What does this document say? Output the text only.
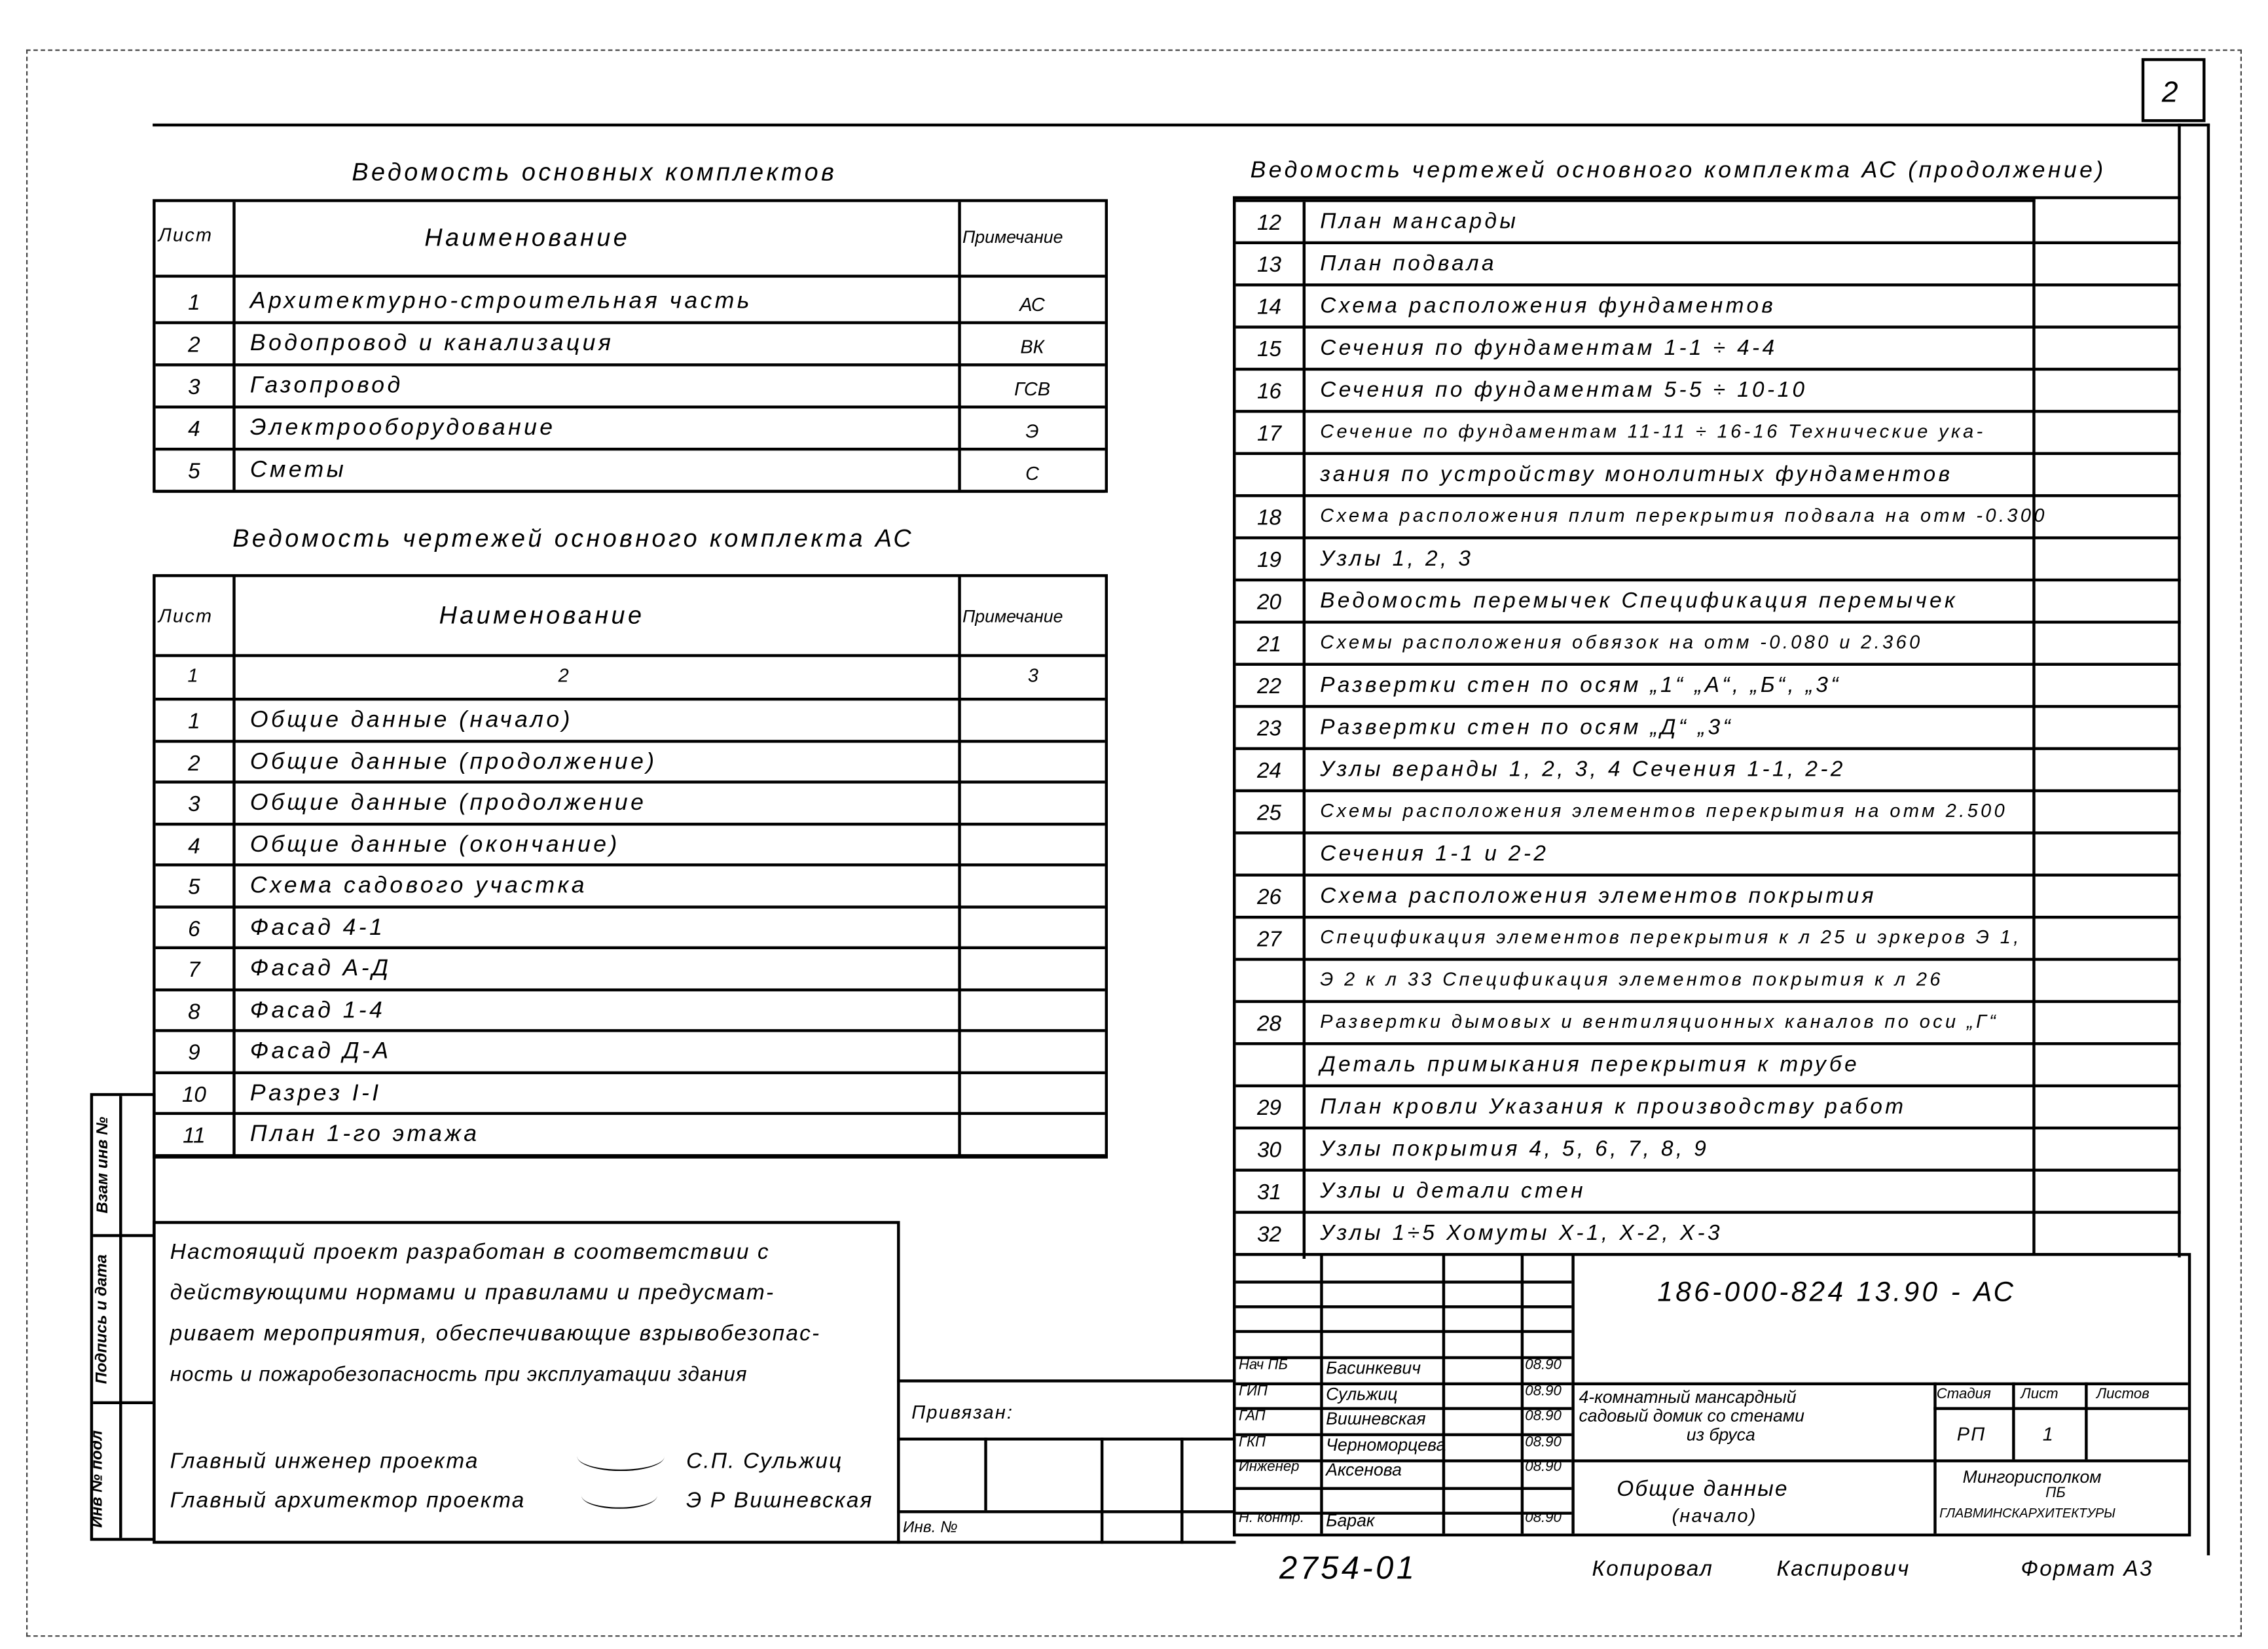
2
Ведомость основных комплектов
Лист	Наименование	Примечание
1	Архитектурно-строительная часть	АС
2	Водопровод и канализация	ВК
3	Газопровод	ГСВ
4	Электрооборудование	Э
5	Сметы	С
Ведомость чертежей основного комплекта АС
Лист	Наименование	Примечание
1	2	3
1	Общие данные (начало)
2	Общие данные (продолжение)
3	Общие данные (продолжение
4	Общие данные (окончание)
5	Схема садового участка
6	Фасад 4-1
7	Фасад А-Д
8	Фасад 1-4
9	Фасад Д-А
10	Разрез I-I
11	План 1-го этажа
Ведомость чертежей основного комплекта АС (продолжение)
12	План мансарды
13	План подвала
14	Схема расположения фундаментов
15	Сечения по фундаментам 1-1 ÷ 4-4
16	Сечения по фундаментам 5-5 ÷ 10-10
17	Сечение по фундаментам 11-11 ÷ 16-16 Технические ука-
зания по устройству монолитных фундаментов
18	Схема расположения плит перекрытия подвала на отм -0.300
19	Узлы 1, 2, 3
20	Ведомость перемычек Спецификация перемычек
21	Схемы расположения обвязок на отм -0.080 и 2.360
22	Развертки стен по осям „1“ „А“, „Б“, „3“
23	Развертки стен по осям „Д“ „3“
24	Узлы веранды 1, 2, 3, 4 Сечения 1-1, 2-2
25	Схемы расположения элементов перекрытия на отм 2.500
Сечения 1-1 и 2-2
26	Схема расположения элементов покрытия
27	Спецификация элементов перекрытия к л 25 и эркеров Э 1,
Э 2 к л 33 Спецификация элементов покрытия к л 26
28	Развертки дымовых и вентиляционных каналов по оси „Г“
Деталь примыкания перекрытия к трубе
29	План кровли Указания к производству работ
30	Узлы покрытия 4, 5, 6, 7, 8, 9
31	Узлы и детали стен
32	Узлы 1÷5 Хомуты Х-1, Х-2, Х-3
Инв № подл
Подпись и дата
Взам инв №
Настоящий проект разработан в соответствии с
действующими нормами и правилами и предусмат-
ривает мероприятия, обеспечивающие взрывобезопас-
ность и пожаробезопасность при эксплуатации здания
Главный инженер проекта	С.П. Сульжиц
Главный архитектор проекта	Э Р Вишневская
Привязан:
Инв. №
186-000-824 13.90 - АС
4-комнатный мансардный
садовый домик со стенами
из бруса
Стадия	Лист	Листов
РП	1
Общие данные
(начало)
Мингорисполком
ПБ
ГЛАВМИНСКАРХИТЕКТУРЫ
Нач ПБ	Басинкевич	08.90
ГИП	Сульжиц	08.90
ГАП	Вишневская	08.90
ГКП	Черноморцева	08.90
Инженер	Аксенова	08.90
Н. контр.	Барак	08.90
2754-01	Копировал	Каспирович	Формат А3
